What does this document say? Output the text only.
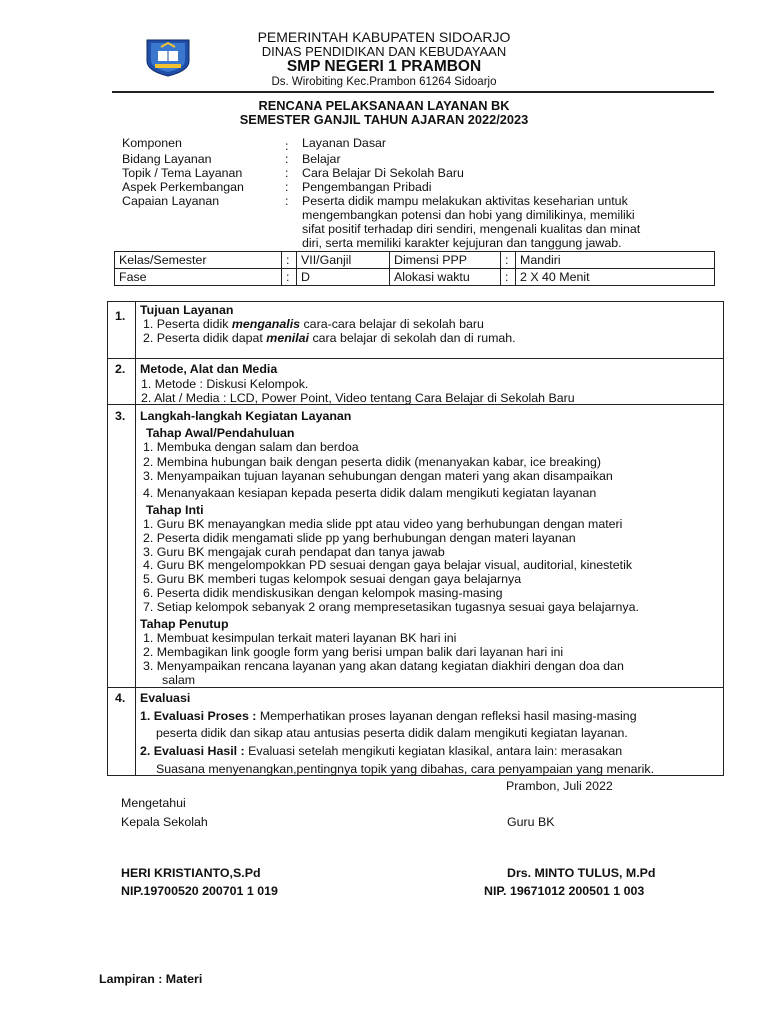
PEMERINTAH KABUPATEN SIDOARJO
DINAS PENDIDIKAN DAN KEBUDAYAAN
SMP NEGERI 1 PRAMBON
Ds. Wirobiting Kec.Prambon 61264 Sidoarjo
RENCANA PELAKSANAAN LAYANAN BK
SEMESTER GANJIL TAHUN AJARAN 2022/2023
Komponen	: Layanan Dasar
Bidang Layanan	: Belajar
Topik / Tema Layanan	: Cara Belajar Di Sekolah Baru
Aspek Perkembangan	: Pengembangan Pribadi
Capaian Layanan	: Peserta didik mampu melakukan aktivitas keseharian untuk
mengembangkan potensi dan hobi yang dimilikinya, memiliki
sifat positif terhadap diri sendiri, mengenali kualitas dan minat
diri, serta memiliki karakter kejujuran dan tanggung jawab.
Kelas/Semester	:	VII/Ganjil	Dimensi PPP	:	Mandiri
Fase	:	D	Alokasi waktu	:	2 X 40 Menit
1. Tujuan Layanan
1. Peserta didik menganalis cara-cara belajar di sekolah baru
2. Peserta didik dapat menilai cara belajar di sekolah dan di rumah.
2. Metode, Alat dan Media
1. Metode : Diskusi Kelompok.
2. Alat / Media : LCD, Power Point, Video tentang Cara Belajar di Sekolah Baru
3. Langkah-langkah Kegiatan Layanan
Tahap Awal/Pendahuluan
1. Membuka dengan salam dan berdoa
2. Membina hubungan baik dengan peserta didik (menanyakan kabar, ice breaking)
3. Menyampaikan tujuan layanan sehubungan dengan materi yang akan disampaikan
4. Menanyakaan kesiapan kepada peserta didik dalam mengikuti kegiatan layanan
Tahap Inti
1. Guru BK menayangkan media slide ppt atau video yang berhubungan dengan materi
2. Peserta didik mengamati slide pp yang berhubungan dengan materi layanan
3. Guru BK mengajak curah pendapat dan tanya jawab
4. Guru BK mengelompokkan PD sesuai dengan gaya belajar visual, auditorial, kinestetik
5. Guru BK memberi tugas kelompok sesuai dengan gaya belajarnya
6. Peserta didik mendiskusikan dengan kelompok masing-masing
7. Setiap kelompok sebanyak 2 orang mempresetasikan tugasnya sesuai gaya belajarnya.
Tahap Penutup
1. Membuat kesimpulan terkait materi layanan BK hari ini
2. Membagikan link google form yang berisi umpan balik dari layanan hari ini
3. Menyampaikan rencana layanan yang akan datang kegiatan diakhiri dengan doa dan
salam
4. Evaluasi
1. Evaluasi Proses : Memperhatikan proses layanan dengan refleksi hasil masing-masing
peserta didik dan sikap atau antusias peserta didik dalam mengikuti kegiatan layanan.
2. Evaluasi Hasil : Evaluasi setelah mengikuti kegiatan klasikal, antara lain: merasakan
Suasana menyenangkan,pentingnya topik yang dibahas, cara penyampaian yang menarik.
Prambon, Juli 2022
Mengetahui
Kepala Sekolah	Guru BK
HERI KRISTIANTO,S.Pd	Drs. MINTO TULUS, M.Pd
NIP.19700520 200701 1 019	NIP. 19671012 200501 1 003
Lampiran : Materi
